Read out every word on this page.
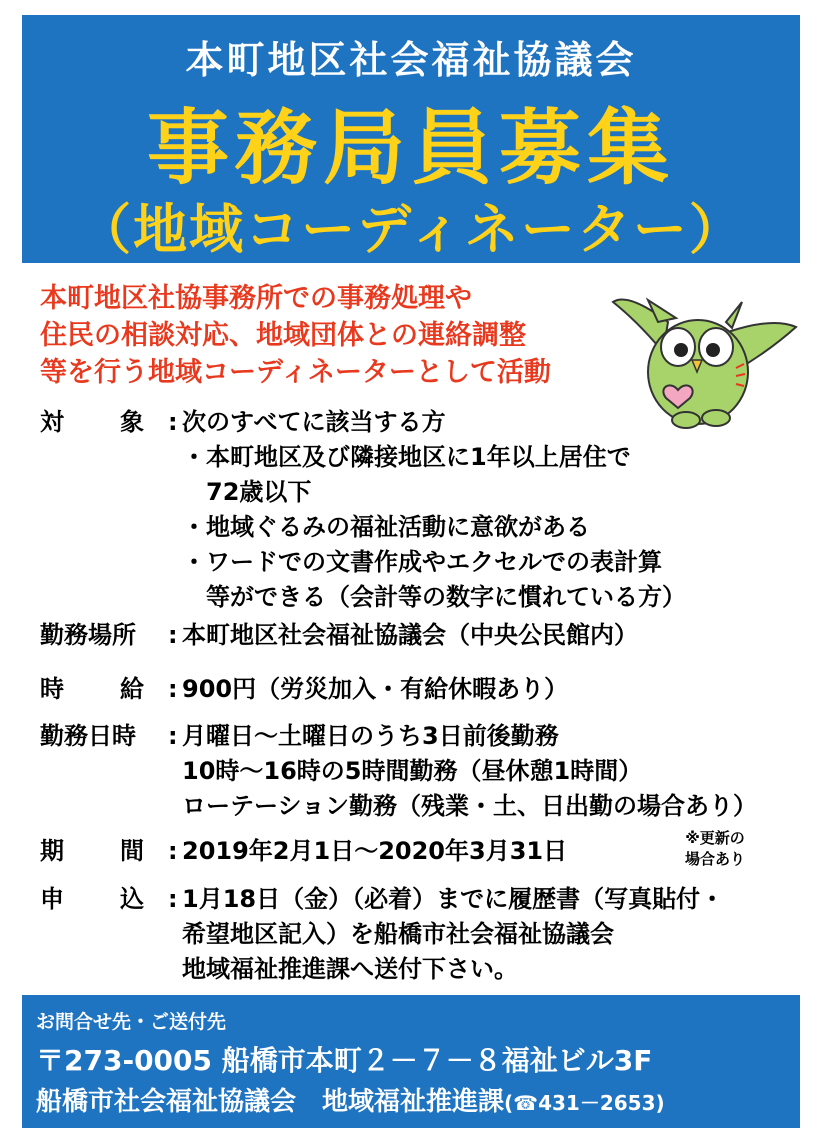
本町地区社会福祉協議会
事務局員募集
（地域コーディネーター）
本町地区社協事務所での事務処理や
住民の相談対応、地域団体との連絡調整
等を行う地域コーディネーターとして活動
対 象 : 次のすべてに該当する方
・本町地区及び隣接地区に1年以上居住で
　72歳以下
・地域ぐるみの福祉活動に意欲がある
・ワードでの文書作成やエクセルでの表計算
　等ができる（会計等の数字に慣れている方）
勤務場所	: 本町地区社会福祉協議会（中央公民館内）
時 給 : 900円（労災加入・有給休暇あり）
勤務日時	: 月曜日～土曜日のうち3日前後勤務
10時～16時の5時間勤務（昼休憩1時間）
ローテーション勤務（残業・土、日出勤の場合あり）
期 間 : 2019年2月1日～2020年3月31日	※更新の
場合あり
申 込 : 1月18日（金）（必着）までに履歴書（写真貼付・
希望地区記入）を船橋市社会福祉協議会
地域福祉推進課へ送付下さい。
お問合せ先・ご送付先
〒273-0005 船橋市本町２－７－８福祉ビル3F
船橋市社会福祉協議会　地域福祉推進課(☎431－2653)
